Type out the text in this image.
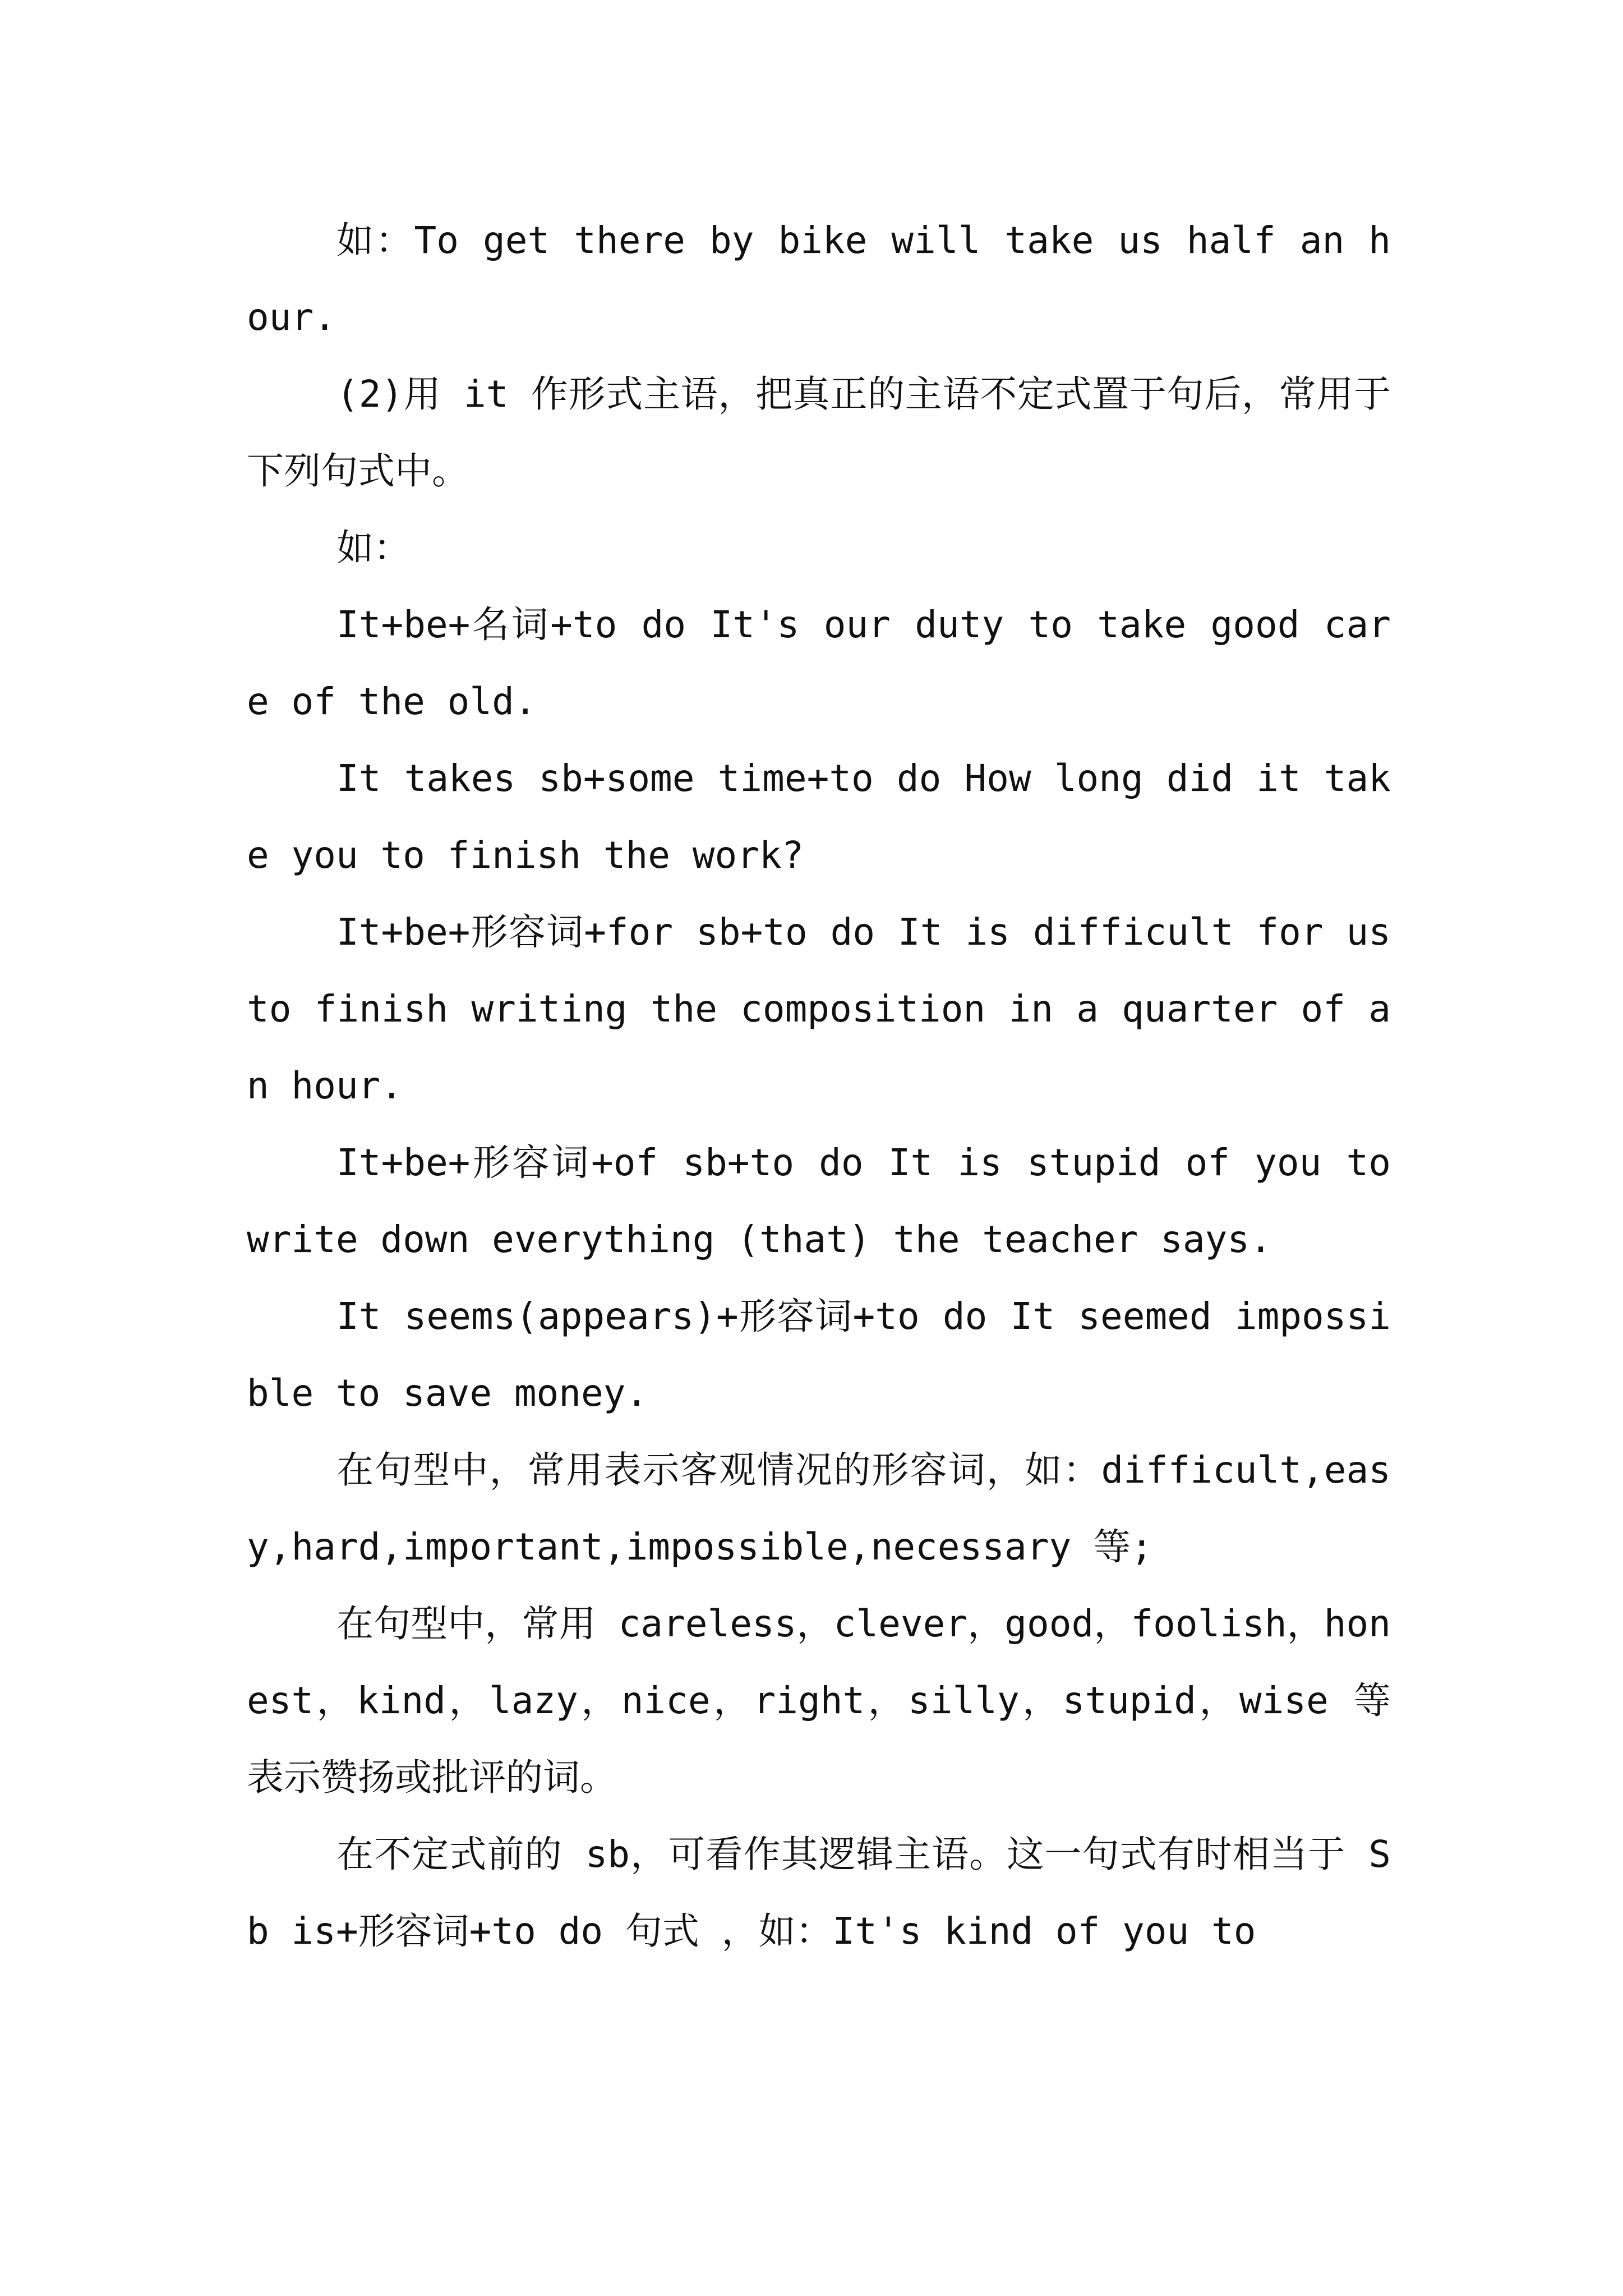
如：To get there by bike will take us half an hour.

(2)用 it 作形式主语，把真正的主语不定式置于句后，常用于下列句式中。

如：

It+be+名词+to do It's our duty to take good care of the old.

It takes sb+some time+to do How long did it take you to finish the work?

It+be+形容词+for sb+to do It is difficult for us to finish writing the composition in a quarter of an hour.

It+be+形容词+of sb+to do It is stupid of you to write down everything (that) the teacher says.

It seems(appears)+形容词+to do It seemed impossible to save money.

在句型中，常用表示客观情况的形容词，如：difficult,easy,hard,important,impossible,necessary 等;

在句型中，常用 careless，clever，good，foolish，honest，kind，lazy，nice，right，silly，stupid，wise 等 表示赞扬或批评的词。

在不定式前的 sb，可看作其逻辑主语。这一句式有时相当于 Sb is+形容词+to do 句式 ，如：It's kind of you to
